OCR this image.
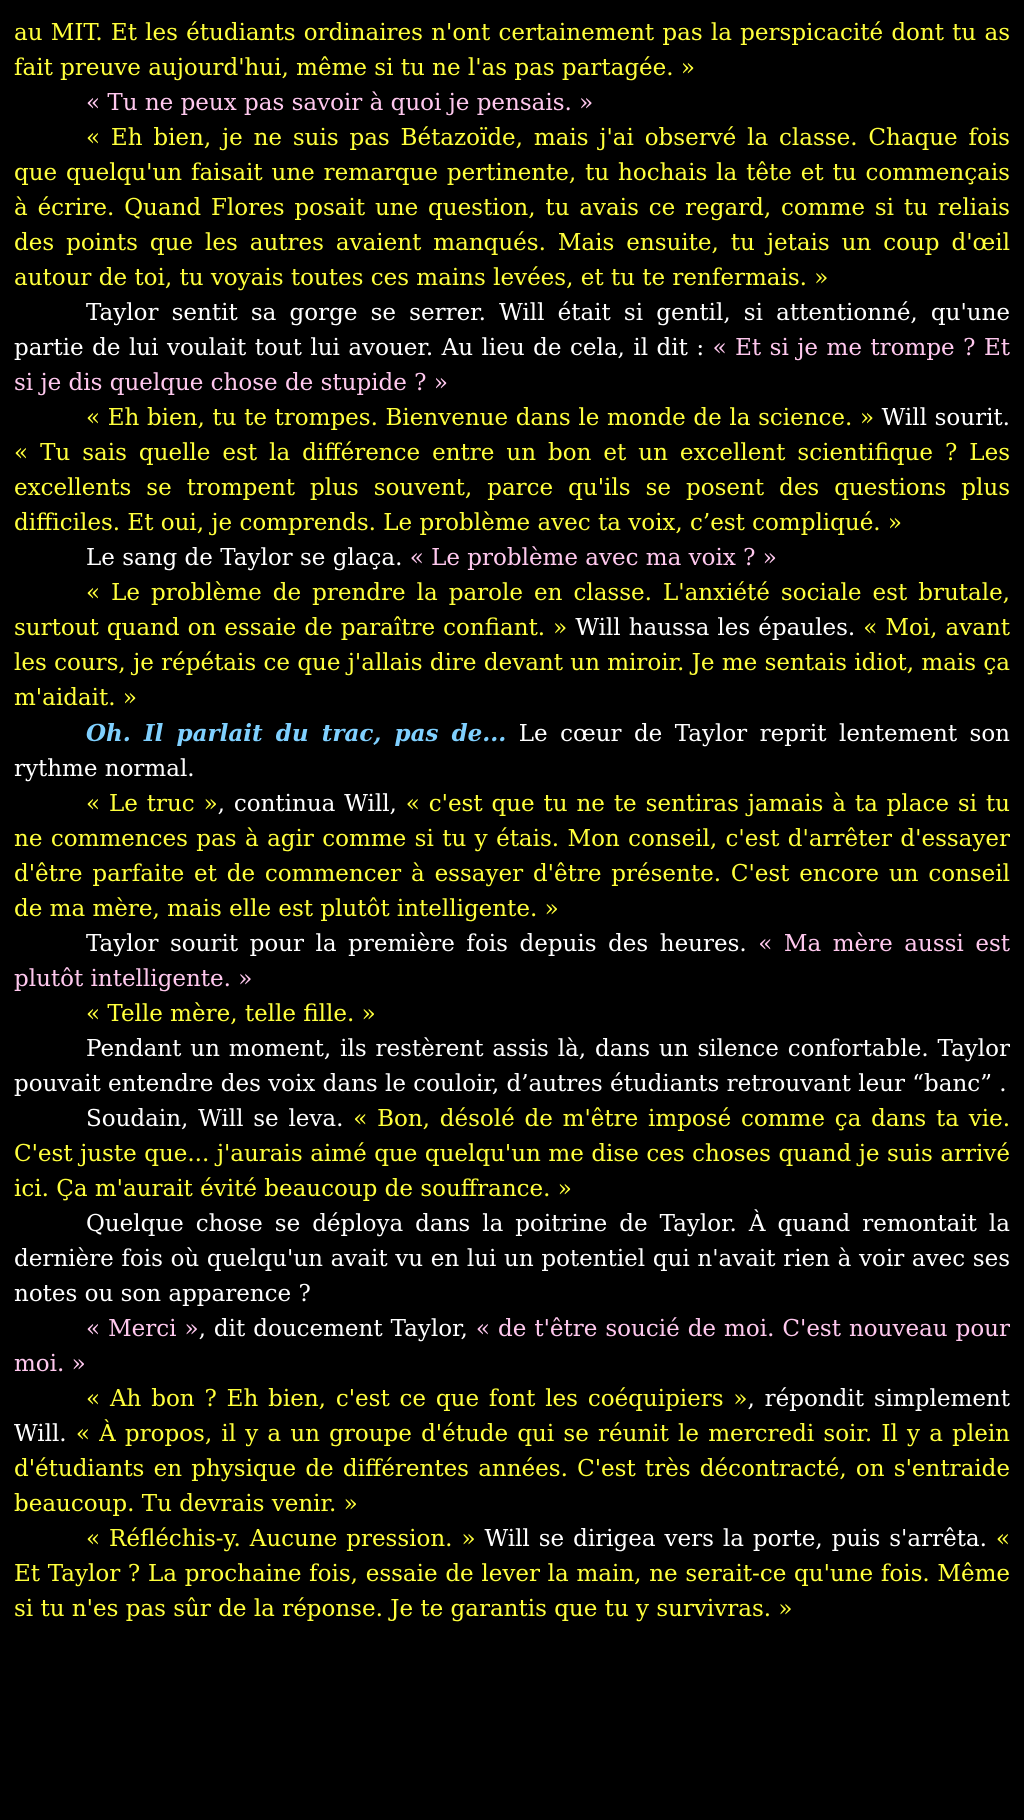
au MIT. Et les étudiants ordinaires n'ont certainement pas la perspicacité dont tu as fait preuve aujourd'hui, même si tu ne l'as pas partagée. »

« Tu ne peux pas savoir à quoi je pensais. »

« Eh bien, je ne suis pas Bétazoïde, mais j'ai observé la classe. Chaque fois que quelqu'un faisait une remarque pertinente, tu hochais la tête et tu commençais à écrire. Quand Flores posait une question, tu avais ce regard, comme si tu reliais des points que les autres avaient manqués. Mais ensuite, tu jetais un coup d'œil autour de toi, tu voyais toutes ces mains levées, et tu te renfermais. »

Taylor sentit sa gorge se serrer. Will était si gentil, si attentionné, qu'une partie de lui voulait tout lui avouer. Au lieu de cela, il dit : « Et si je me trompe ? Et si je dis quelque chose de stupide ? »

« Eh bien, tu te trompes. Bienvenue dans le monde de la science. » Will sourit. « Tu sais quelle est la différence entre un bon et un excellent scientifique ? Les excellents se trompent plus souvent, parce qu'ils se posent des questions plus difficiles. Et oui, je comprends. Le problème avec ta voix, c’est compliqué. »

Le sang de Taylor se glaça. « Le problème avec ma voix ? »

« Le problème de prendre la parole en classe. L'anxiété sociale est brutale, surtout quand on essaie de paraître confiant. » Will haussa les épaules. « Moi, avant les cours, je répétais ce que j'allais dire devant un miroir. Je me sentais idiot, mais ça m'aidait. »

Oh. Il parlait du trac, pas de... Le cœur de Taylor reprit lentement son rythme normal.

« Le truc », continua Will, « c'est que tu ne te sentiras jamais à ta place si tu ne commences pas à agir comme si tu y étais. Mon conseil, c'est d'arrêter d'essayer d'être parfaite et de commencer à essayer d'être présente. C'est encore un conseil de ma mère, mais elle est plutôt intelligente. »

Taylor sourit pour la première fois depuis des heures. « Ma mère aussi est plutôt intelligente. »

« Telle mère, telle fille. »

Pendant un moment, ils restèrent assis là, dans un silence confortable. Taylor pouvait entendre des voix dans le couloir, d’autres étudiants retrouvant leur “banc” .

Soudain, Will se leva. « Bon, désolé de m'être imposé comme ça dans ta vie. C'est juste que... j'aurais aimé que quelqu'un me dise ces choses quand je suis arrivé ici. Ça m'aurait évité beaucoup de souffrance. »

Quelque chose se déploya dans la poitrine de Taylor. À quand remontait la dernière fois où quelqu'un avait vu en lui un potentiel qui n'avait rien à voir avec ses notes ou son apparence ?

« Merci », dit doucement Taylor, « de t'être soucié de moi. C'est nouveau pour moi. »

« Ah bon ? Eh bien, c'est ce que font les coéquipiers », répondit simplement Will. « À propos, il y a un groupe d'étude qui se réunit le mercredi soir. Il y a plein d'étudiants en physique de différentes années. C'est très décontracté, on s'entraide beaucoup. Tu devrais venir. »

« Réfléchis-y. Aucune pression. » Will se dirigea vers la porte, puis s'arrêta. « Et Taylor ? La prochaine fois, essaie de lever la main, ne serait-ce qu'une fois. Même si tu n'es pas sûr de la réponse. Je te garantis que tu y survivras. »
